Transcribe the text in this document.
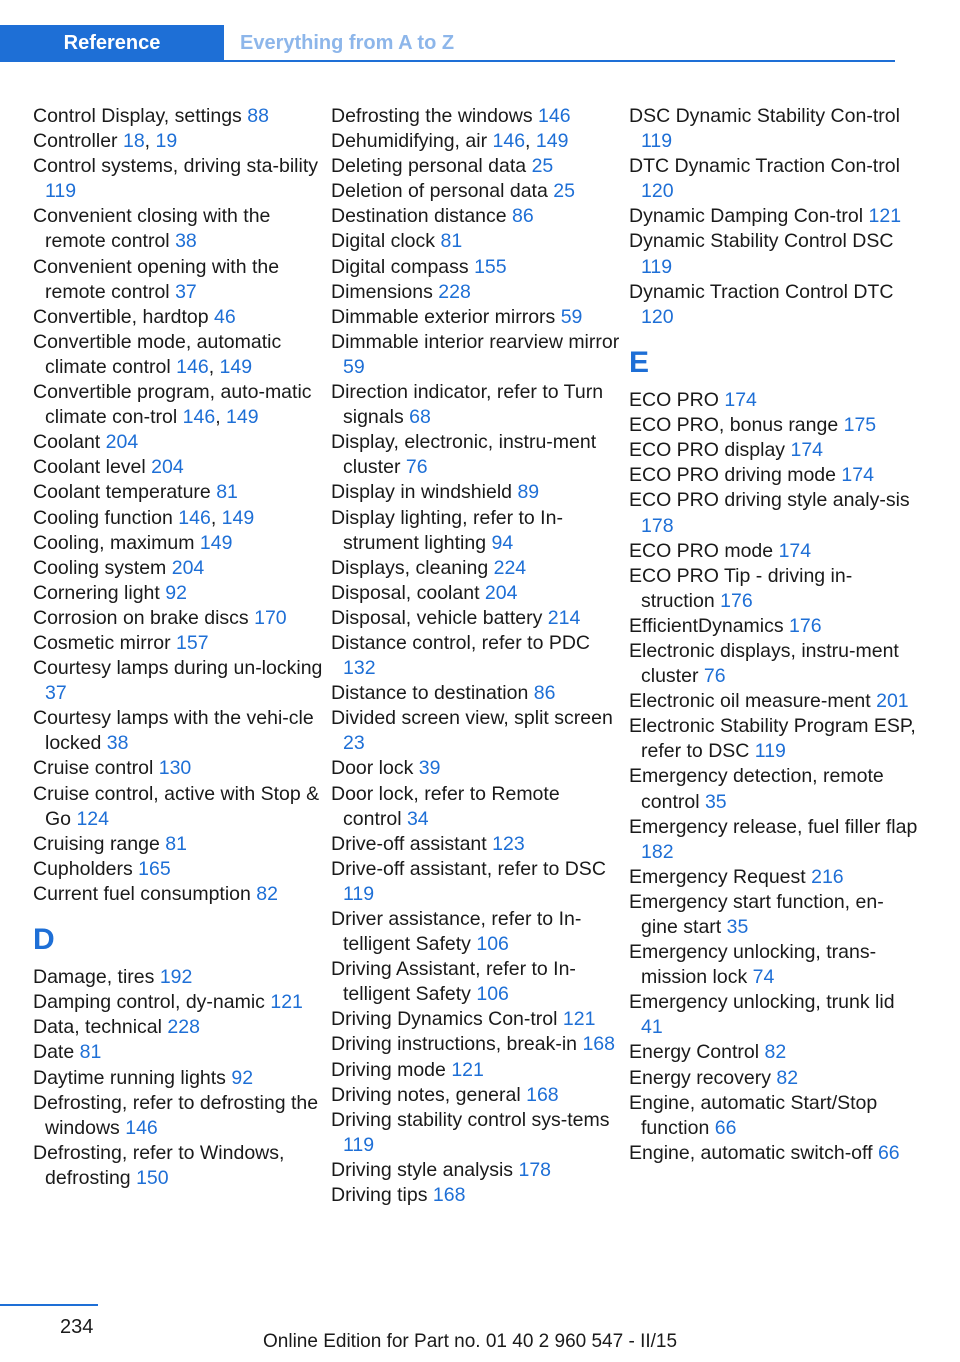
Reference	Everything from A to Z
Control Display, settings 88
Controller 18, 19
Control systems, driving sta-bility 119
Convenient closing with the remote control 38
Convenient opening with the remote control 37
Convertible, hardtop 46
Convertible mode, automatic climate control 146, 149
Convertible program, auto-matic climate con-trol 146, 149
Coolant 204
Coolant level 204
Coolant temperature 81
Cooling function 146, 149
Cooling, maximum 149
Cooling system 204
Cornering light 92
Corrosion on brake discs 170
Cosmetic mirror 157
Courtesy lamps during un-locking 37
Courtesy lamps with the vehi-cle locked 38
Cruise control 130
Cruise control, active with Stop & Go 124
Cruising range 81
Cupholders 165
Current fuel consumption 82
D
Damage, tires 192
Damping control, dy-namic 121
Data, technical 228
Date 81
Daytime running lights 92
Defrosting, refer to defrosting the windows 146
Defrosting, refer to Windows, defrosting 150
Defrosting the windows 146
Dehumidifying, air 146, 149
Deleting personal data 25
Deletion of personal data 25
Destination distance 86
Digital clock 81
Digital compass 155
Dimensions 228
Dimmable exterior mirrors 59
Dimmable interior rearview mirror 59
Direction indicator, refer to Turn signals 68
Display, electronic, instru-ment cluster 76
Display in windshield 89
Display lighting, refer to In-strument lighting 94
Displays, cleaning 224
Disposal, coolant 204
Disposal, vehicle battery 214
Distance control, refer to PDC 132
Distance to destination 86
Divided screen view, split screen 23
Door lock 39
Door lock, refer to Remote control 34
Drive-off assistant 123
Drive-off assistant, refer to DSC 119
Driver assistance, refer to In-telligent Safety 106
Driving Assistant, refer to In-telligent Safety 106
Driving Dynamics Con-trol 121
Driving instructions, break-in 168
Driving mode 121
Driving notes, general 168
Driving stability control sys-tems 119
Driving style analysis 178
Driving tips 168
DSC Dynamic Stability Con-trol 119
DTC Dynamic Traction Con-trol 120
Dynamic Damping Con-trol 121
Dynamic Stability Control DSC 119
Dynamic Traction Control DTC 120
E
ECO PRO 174
ECO PRO, bonus range 175
ECO PRO display 174
ECO PRO driving mode 174
ECO PRO driving style analy-sis 178
ECO PRO mode 174
ECO PRO Tip - driving in-struction 176
EfficientDynamics 176
Electronic displays, instru-ment cluster 76
Electronic oil measure-ment 201
Electronic Stability Program ESP, refer to DSC 119
Emergency detection, remote control 35
Emergency release, fuel filler flap 182
Emergency Request 216
Emergency start function, en-gine start 35
Emergency unlocking, trans-mission lock 74
Emergency unlocking, trunk lid 41
Energy Control 82
Energy recovery 82
Engine, automatic Start/Stop function 66
Engine, automatic switch-off 66
234
Online Edition for Part no. 01 40 2 960 547 - II/15
